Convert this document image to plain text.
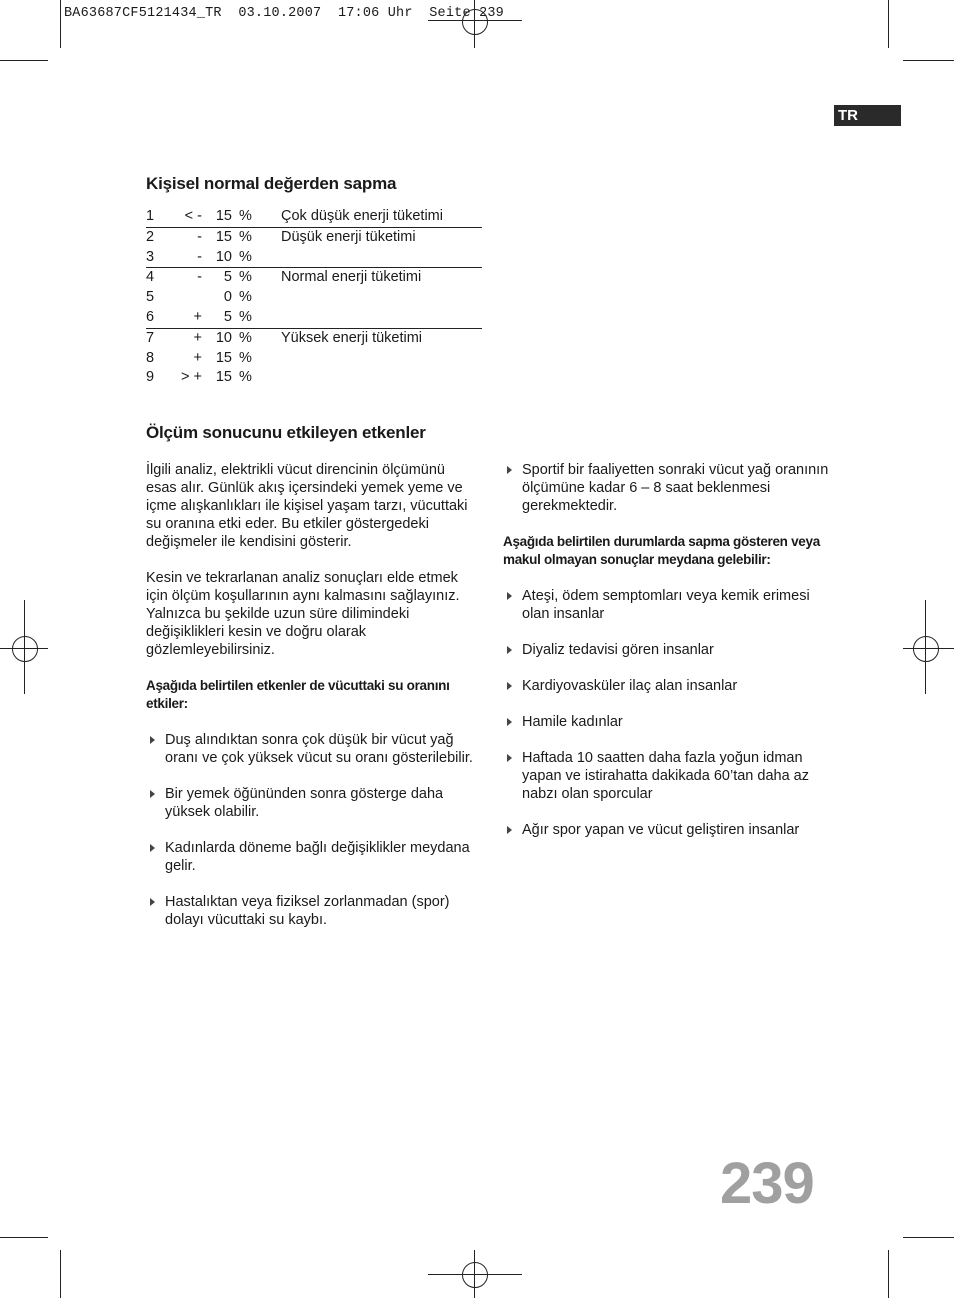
BA63687CF5121434_TR  03.10.2007  17:06 Uhr  Seite 239
TR
Kişisel normal değerden sapma
1	< -	15	%	Çok düşük enerji tüketimi
2	-	15	%	Düşük enerji tüketimi
3	-	10	%	
4	-	5	%	Normal enerji tüketimi
5		0	%	
6	+	5	%	
7	+	10	%	Yüksek enerji tüketimi
8	+	15	%	
9	> +	15	%	
Ölçüm sonucunu etkileyen etkenler

İlgili analiz, elektrikli vücut direncinin ölçümünü esas alır. Günlük akış içersindeki yemek yeme ve içme alışkanlıkları ile kişisel yaşam tarzı, vücuttaki su oranına etki eder. Bu etkiler göstergedeki değişmeler ile kendisini gösterir.

Kesin ve tekrarlanan analiz sonuçları elde etmek için ölçüm koşullarının aynı kalmasını sağlayınız. Yalnızca bu şekilde uzun süre dilimindeki değişiklikleri kesin ve doğru olarak gözlemleyebilirsiniz.

Aşağıda belirtilen etkenler de vücuttaki su oranını etkiler:

Duş alındıktan sonra çok düşük bir vücut yağ oranı ve çok yüksek vücut su oranı gösterilebilir.
Bir yemek öğününden sonra gösterge daha yüksek olabilir.
Kadınlarda döneme bağlı değişiklikler meydana gelir.
Hastalıktan veya fiziksel zorlanmadan (spor) dolayı vücuttaki su kaybı.
Sportif bir faaliyetten sonraki vücut yağ oranının ölçümüne kadar 6 – 8 saat beklenmesi gerekmektedir.

Aşağıda belirtilen durumlarda sapma gösteren veya makul olmayan sonuçlar meydana gelebilir:

Ateşi, ödem semptomları veya kemik erimesi olan insanlar
Diyaliz tedavisi gören insanlar
Kardiyovasküler ilaç alan insanlar
Hamile kadınlar
Haftada 10 saatten daha fazla yoğun idman yapan ve istirahatta dakikada 60’tan daha az nabzı olan sporcular
Ağır spor yapan ve vücut geliştiren insanlar
239
